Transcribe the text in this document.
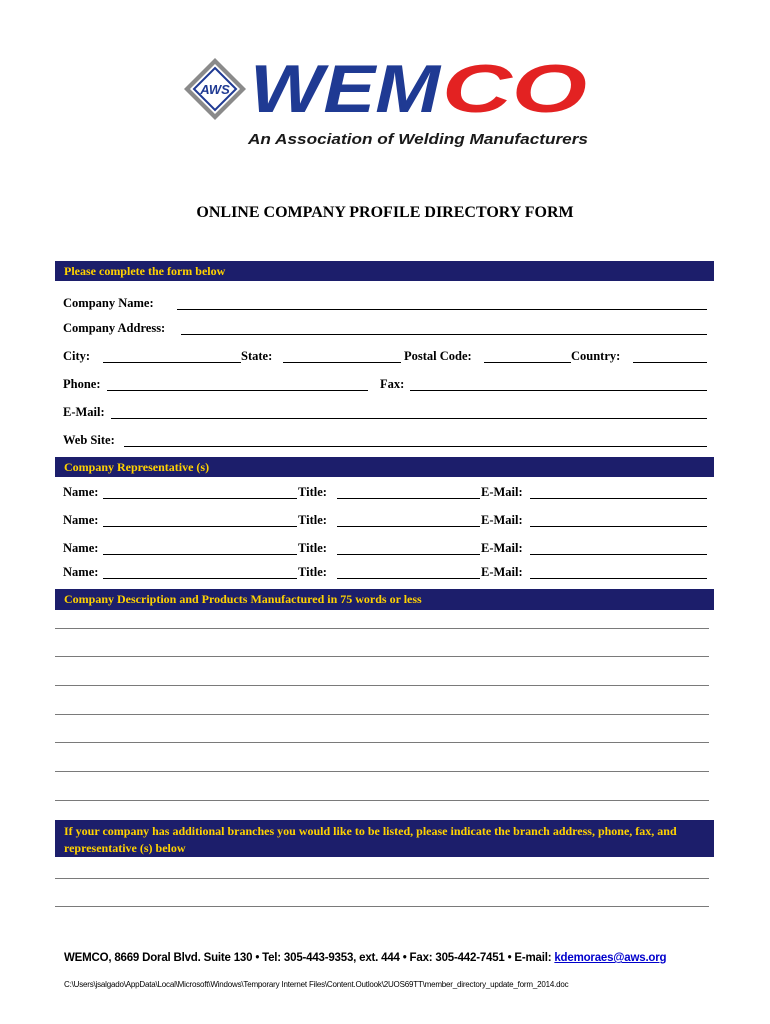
AWS WEM CO
An Association of Welding Manufacturers
ONLINE COMPANY PROFILE DIRECTORY FORM
Please complete the form below
Company Name:
Company Address:
City:	State:	Postal Code:	Country:
Phone:	Fax:
E-Mail:
Web Site:
Company Representative (s)
Name:	Title:	E-Mail:
Name:	Title:	E-Mail:
Name:	Title:	E-Mail:
Name:	Title:	E-Mail:
Company Description and Products Manufactured in 75 words or less
If your company has additional branches you would like to be listed, please indicate the branch address, phone, fax, and representative (s) below
WEMCO, 8669 Doral Blvd. Suite 130 • Tel: 305-443-9353, ext. 444 • Fax: 305-442-7451 • E-mail: kdemoraes@aws.org
C:\Users\jsalgado\AppData\Local\Microsoft\Windows\Temporary Internet Files\Content.Outlook\2UOS69TT\member_directory_update_form_2014.doc
